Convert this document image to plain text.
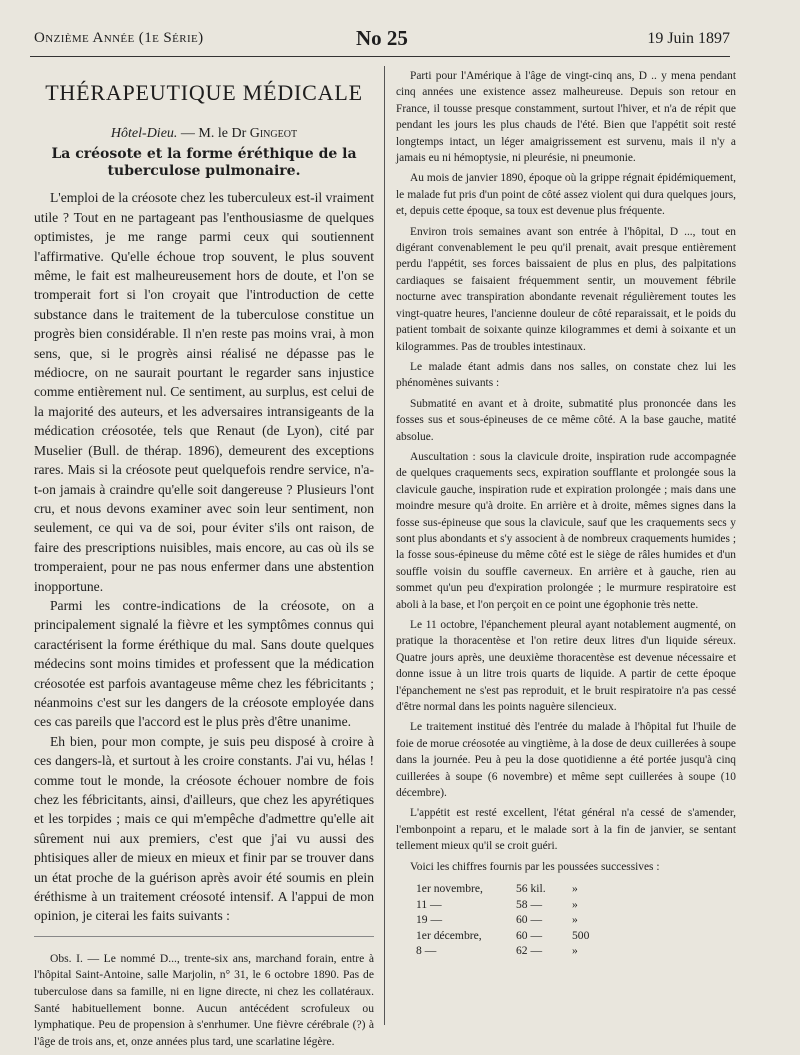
Onzième Année (1e Série)	No 25	19 Juin 1897
THÉRAPEUTIQUE MÉDICALE
Hôtel-Dieu. — M. le Dr Gingeot
La créosote et la forme éréthique de la tuberculose pulmonaire.

L'emploi de la créosote chez les tuberculeux est-il vraiment utile ? Tout en ne partageant pas l'enthousiasme de quelques optimistes, je me range parmi ceux qui soutiennent l'affirmative. Qu'elle échoue trop souvent, le plus souvent même, le fait est malheureusement hors de doute, et l'on se tromperait fort si l'on croyait que l'introduction de cette substance dans le traitement de la tuberculose constitue un progrès bien considérable. Il n'en reste pas moins vrai, à mon sens, que, si le progrès ainsi réalisé ne dépasse pas le médiocre, on ne saurait pourtant le regarder sans injustice comme entièrement nul. Ce sentiment, au surplus, est celui de la majorité des auteurs, et les adversaires intransigeants de la médication créosotée, tels que Renaut (de Lyon), cité par Muselier (Bull. de thérap. 1896), demeurent des exceptions rares. Mais si la créosote peut quelquefois rendre service, n'a-t-on jamais à craindre qu'elle soit dangereuse ? Plusieurs l'ont cru, et nous devons examiner avec soin leur sentiment, non seulement, ce qui va de soi, pour éviter s'ils ont raison, de faire des prescriptions nuisibles, mais encore, au cas où ils se tromperaient, pour ne pas nous enfermer dans une abstention inopportune.

Parmi les contre-indications de la créosote, on a principalement signalé la fièvre et les symptômes connus qui caractérisent la forme éréthique du mal. Sans doute quelques médecins sont moins timides et professent que la médication créosotée est parfois avantageuse même chez les fébricitants ; néanmoins c'est sur les dangers de la créosote employée dans ces cas pareils que l'accord est le plus près d'être unanime.

Eh bien, pour mon compte, je suis peu disposé à croire à ces dangers-là, et surtout à les croire constants. J'ai vu, hélas ! comme tout le monde, la créosote échouer nombre de fois chez les fébricitants, ainsi, d'ailleurs, que chez les apyrétiques et les torpides ; mais ce qui m'empêche d'admettre qu'elle ait sûrement nui aux premiers, c'est que j'ai vu aussi des phtisiques aller de mieux en mieux et finir par se trouver dans un état proche de la guérison après avoir été soumis en plein éréthisme à un traitement créosoté intensif. A l'appui de mon opinion, je citerai les faits suivants :

Obs. I. — Le nommé D..., trente-six ans, marchand forain, entre à l'hôpital Saint-Antoine, salle Marjolin, n° 31, le 6 octobre 1890. Pas de tuberculose dans sa famille, ni en ligne directe, ni chez les collatéraux. Santé habituellement bonne. Aucun antécédent scrofuleux ou lymphatique. Peu de propension à s'enrhumer. Une fièvre cérébrale (?) à l'âge de trois ans, et, onze années plus tard, une scarlatine légère.

Parti pour l'Amérique à l'âge de vingt-cinq ans, D .. y mena pendant cinq années une existence assez malheureuse. Depuis son retour en France, il tousse presque constamment, surtout l'hiver, et n'a de répit que pendant les jours les plus chauds de l'été. Bien que l'appétit soit resté longtemps intact, un léger amaigrissement est survenu, mais il n'y a jamais eu ni hémoptysie, ni pleurésie, ni pneumonie.

Au mois de janvier 1890, époque où la grippe régnait épidémiquement, le malade fut pris d'un point de côté assez violent qui dura quelques jours, et, depuis cette époque, sa toux est devenue plus fréquente.

Environ trois semaines avant son entrée à l'hôpital, D ..., tout en digérant convenablement le peu qu'il prenait, avait presque entièrement perdu l'appétit, ses forces baissaient de plus en plus, des palpitations cardiaques se faisaient fréquemment sentir, un mouvement fébrile nocturne avec transpiration abondante revenait régulièrement toutes les vingt-quatre heures, l'ancienne douleur de côté reparaissait, et le poids du patient tombait de soixante quinze kilogrammes et demi à soixante et un kilogrammes. Pas de troubles intestinaux.

Le malade étant admis dans nos salles, on constate chez lui les phénomènes suivants :

Submatité en avant et à droite, submatité plus prononcée dans les fosses sus et sous-épineuses de ce même côté. A la base gauche, matité absolue.

Auscultation : sous la clavicule droite, inspiration rude accompagnée de quelques craquements secs, expiration soufflante et prolongée sous la clavicule gauche, inspiration rude et expiration prolongée ; mais dans une moindre mesure qu'à droite. En arrière et à droite, mêmes signes dans la fosse sus-épineuse que sous la clavicule, sauf que les craquements secs y sont plus abondants et s'y associent à de nombreux craquements humides ; la fosse sous-épineuse du même côté est le siège de râles humides et d'un souffle voisin du souffle caverneux. En arrière et à gauche, rien au sommet qu'un peu d'expiration prolongée ; le murmure respiratoire est aboli à la base, et l'on perçoit en ce point une égophonie très nette.

Le 11 octobre, l'épanchement pleural ayant notablement augmenté, on pratique la thoracentèse et l'on retire deux litres d'un liquide séreux. Quatre jours après, une deuxième thoracentèse est devenue nécessaire et donne issue à un litre trois quarts de liquide. A partir de cette époque l'épanchement ne s'est pas reproduit, et le bruit respiratoire n'a pas cessé d'être normal dans les points naguère silencieux.

Le traitement institué dès l'entrée du malade à l'hôpital fut l'huile de foie de morue créosotée au vingtième, à la dose de deux cuillerées à soupe dans la journée. Peu à peu la dose quotidienne a été portée jusqu'à cinq cuillerées à soupe (6 novembre) et même sept cuillerées à soupe (10 décembre).

L'appétit est resté excellent, l'état général n'a cessé de s'amender, l'embonpoint a reparu, et le malade sort à la fin de janvier, se sentant tellement mieux qu'il se croit guéri.

Voici les chiffres fournis par les poussées successives :

1er novembre,	56 kil.	»
11 —	58 —	»
19 —	60 —	»
1er décembre,	60 —	500
8 —	62 —	»
